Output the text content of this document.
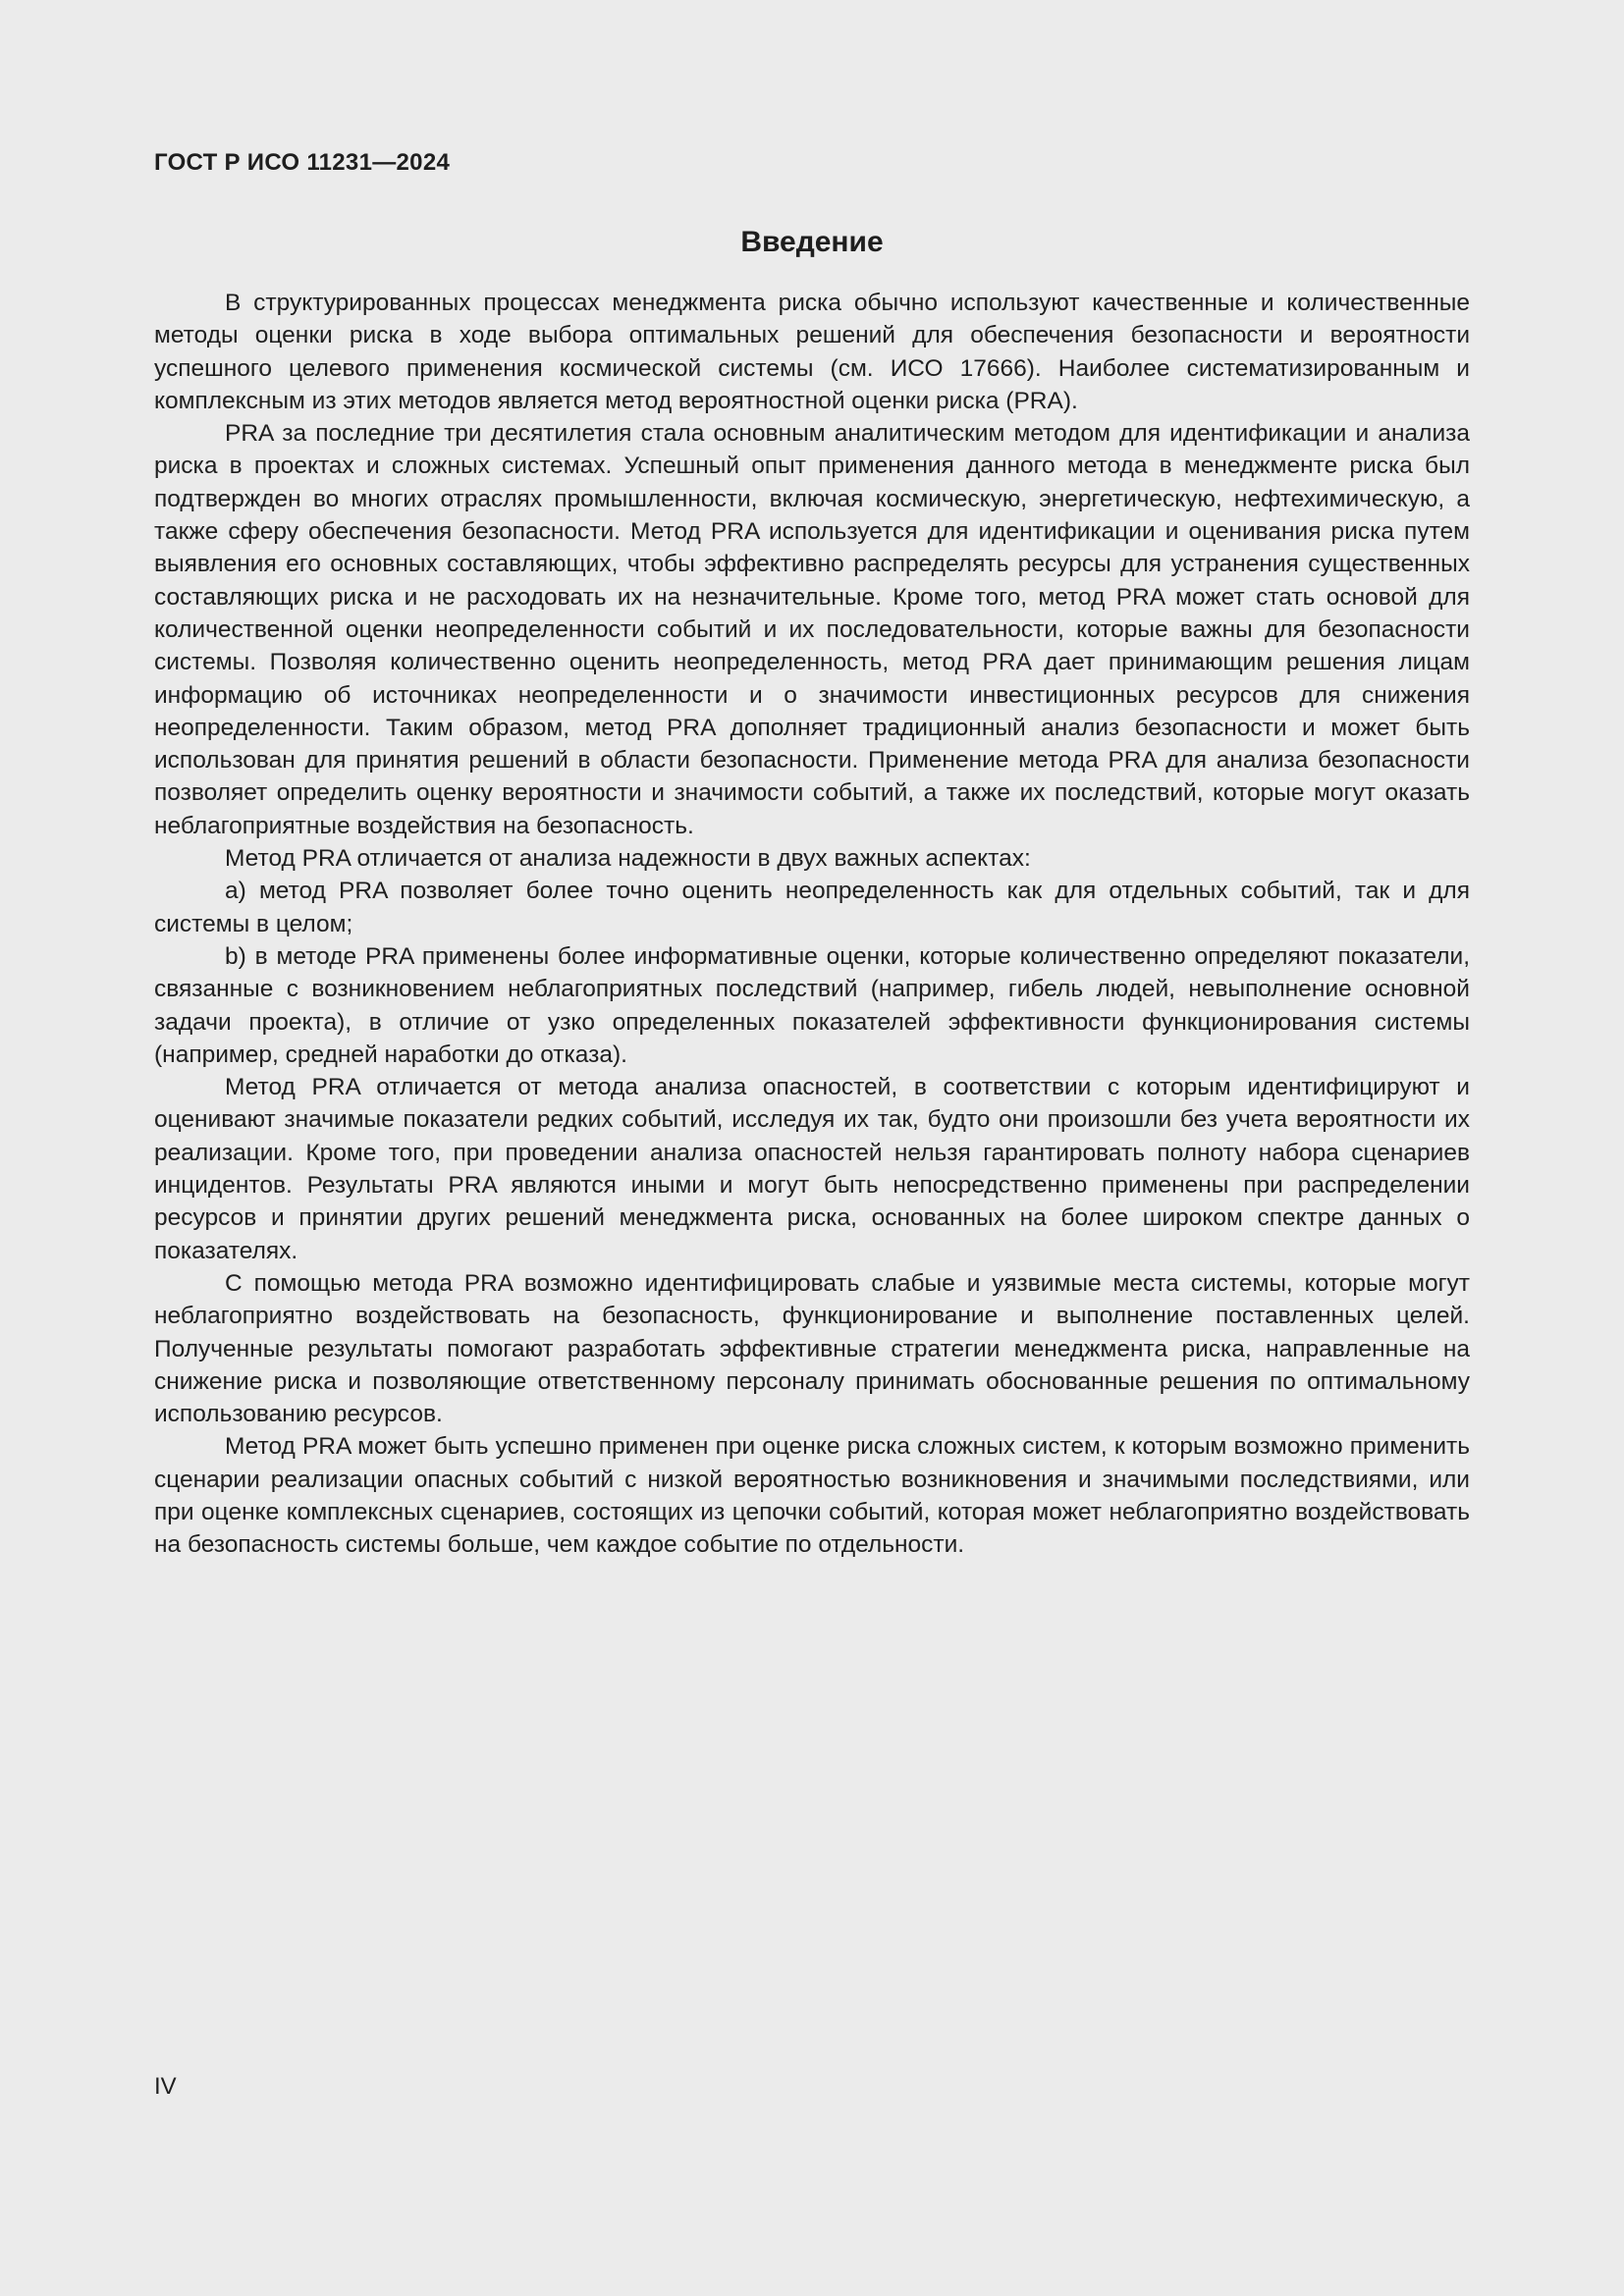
ГОСТ Р ИСО 11231—2024

Введение

В структурированных процессах менеджмента риска обычно используют качественные и количественные методы оценки риска в ходе выбора оптимальных решений для обеспечения безопасности и вероятности успешного целевого применения космической системы (см. ИСО 17666). Наиболее систематизированным и комплексным из этих методов является метод вероятностной оценки риска (PRA).

PRA за последние три десятилетия стала основным аналитическим методом для идентификации и анализа риска в проектах и сложных системах. Успешный опыт применения данного метода в менеджменте риска был подтвержден во многих отраслях промышленности, включая космическую, энергетическую, нефтехимическую, а также сферу обеспечения безопасности. Метод PRA используется для идентификации и оценивания риска путем выявления его основных составляющих, чтобы эффективно распределять ресурсы для устранения существенных составляющих риска и не расходовать их на незначительные. Кроме того, метод PRA может стать основой для количественной оценки неопределенности событий и их последовательности, которые важны для безопасности системы. Позволяя количественно оценить неопределенность, метод PRA дает принимающим решения лицам информацию об источниках неопределенности и о значимости инвестиционных ресурсов для снижения неопределенности. Таким образом, метод PRA дополняет традиционный анализ безопасности и может быть использован для принятия решений в области безопасности. Применение метода PRA для анализа безопасности позволяет определить оценку вероятности и значимости событий, а также их последствий, которые могут оказать неблагоприятные воздействия на безопасность.

Метод PRA отличается от анализа надежности в двух важных аспектах:

a) метод PRA позволяет более точно оценить неопределенность как для отдельных событий, так и для системы в целом;

b) в методе PRA применены более информативные оценки, которые количественно определяют показатели, связанные с возникновением неблагоприятных последствий (например, гибель людей, невыполнение основной задачи проекта), в отличие от узко определенных показателей эффективности функционирования системы (например, средней наработки до отказа).

Метод PRA отличается от метода анализа опасностей, в соответствии с которым идентифицируют и оценивают значимые показатели редких событий, исследуя их так, будто они произошли без учета вероятности их реализации. Кроме того, при проведении анализа опасностей нельзя гарантировать полноту набора сценариев инцидентов. Результаты PRA являются иными и могут быть непосредственно применены при распределении ресурсов и принятии других решений менеджмента риска, основанных на более широком спектре данных о показателях.

С помощью метода PRA возможно идентифицировать слабые и уязвимые места системы, которые могут неблагоприятно воздействовать на безопасность, функционирование и выполнение поставленных целей. Полученные результаты помогают разработать эффективные стратегии менеджмента риска, направленные на снижение риска и позволяющие ответственному персоналу принимать обоснованные решения по оптимальному использованию ресурсов.

Метод PRA может быть успешно применен при оценке риска сложных систем, к которым возможно применить сценарии реализации опасных событий с низкой вероятностью возникновения и значимыми последствиями, или при оценке комплексных сценариев, состоящих из цепочки событий, которая может неблагоприятно воздействовать на безопасность системы больше, чем каждое событие по отдельности.

IV
